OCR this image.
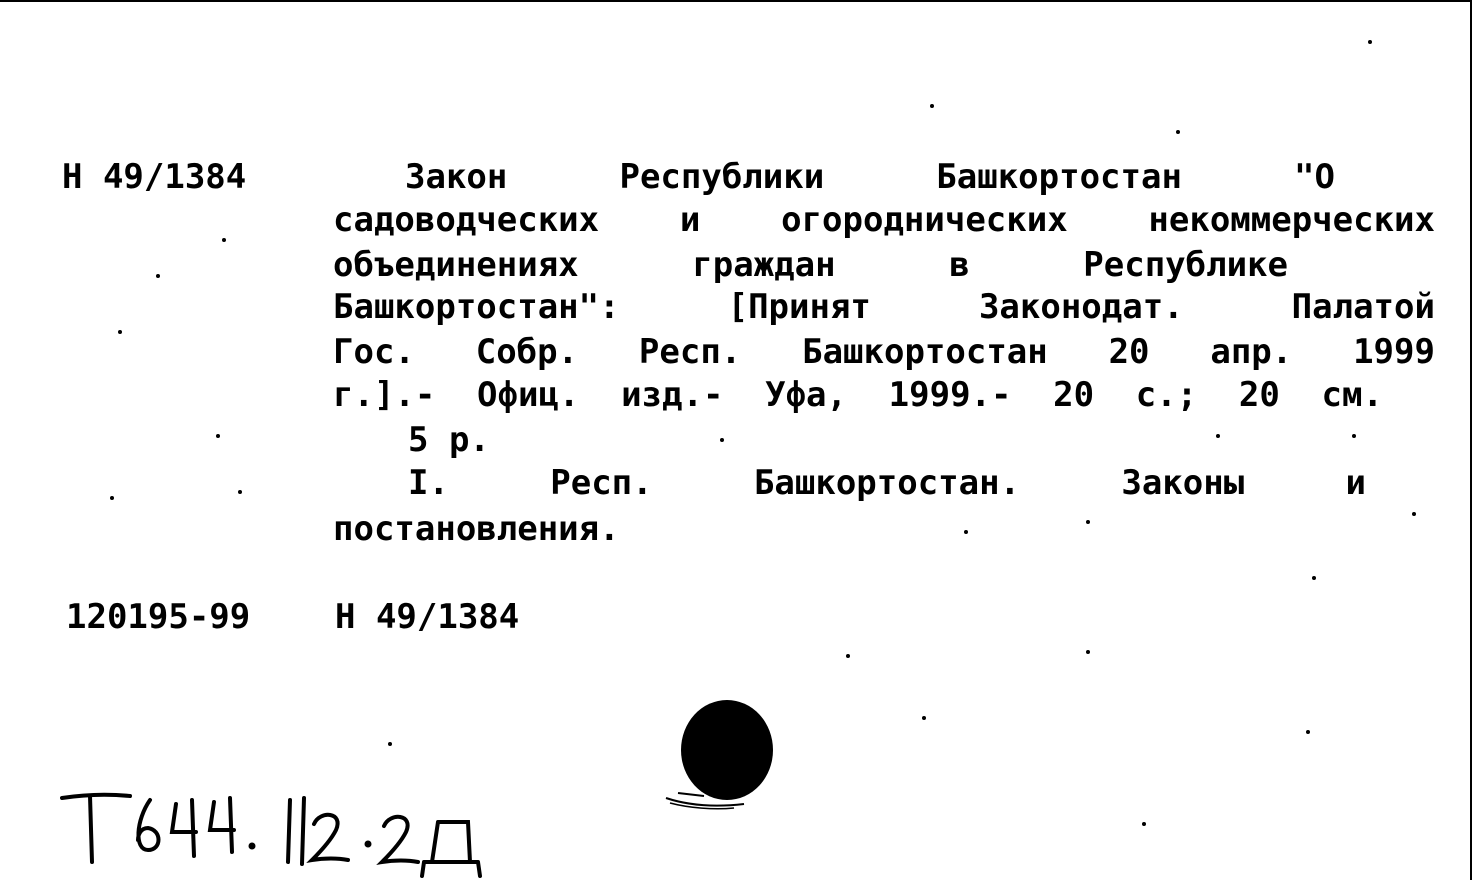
Н 49/1384	Закон	Республики	Башкортостан	"О
садоводческих и огороднических некоммерческих
объединениях	граждан	в	Республике
Башкортостан":	[Принят	Законодат.	Палатой
Гос. Собр. Респ. Башкортостан 20 апр. 1999
г.].- Офиц. изд.- Уфа, 1999.- 20 с.; 20 см.
5 р.
I.	Респ.	Башкортостан.	Законы	и
постановления.
120195-99 Н 49/1384
